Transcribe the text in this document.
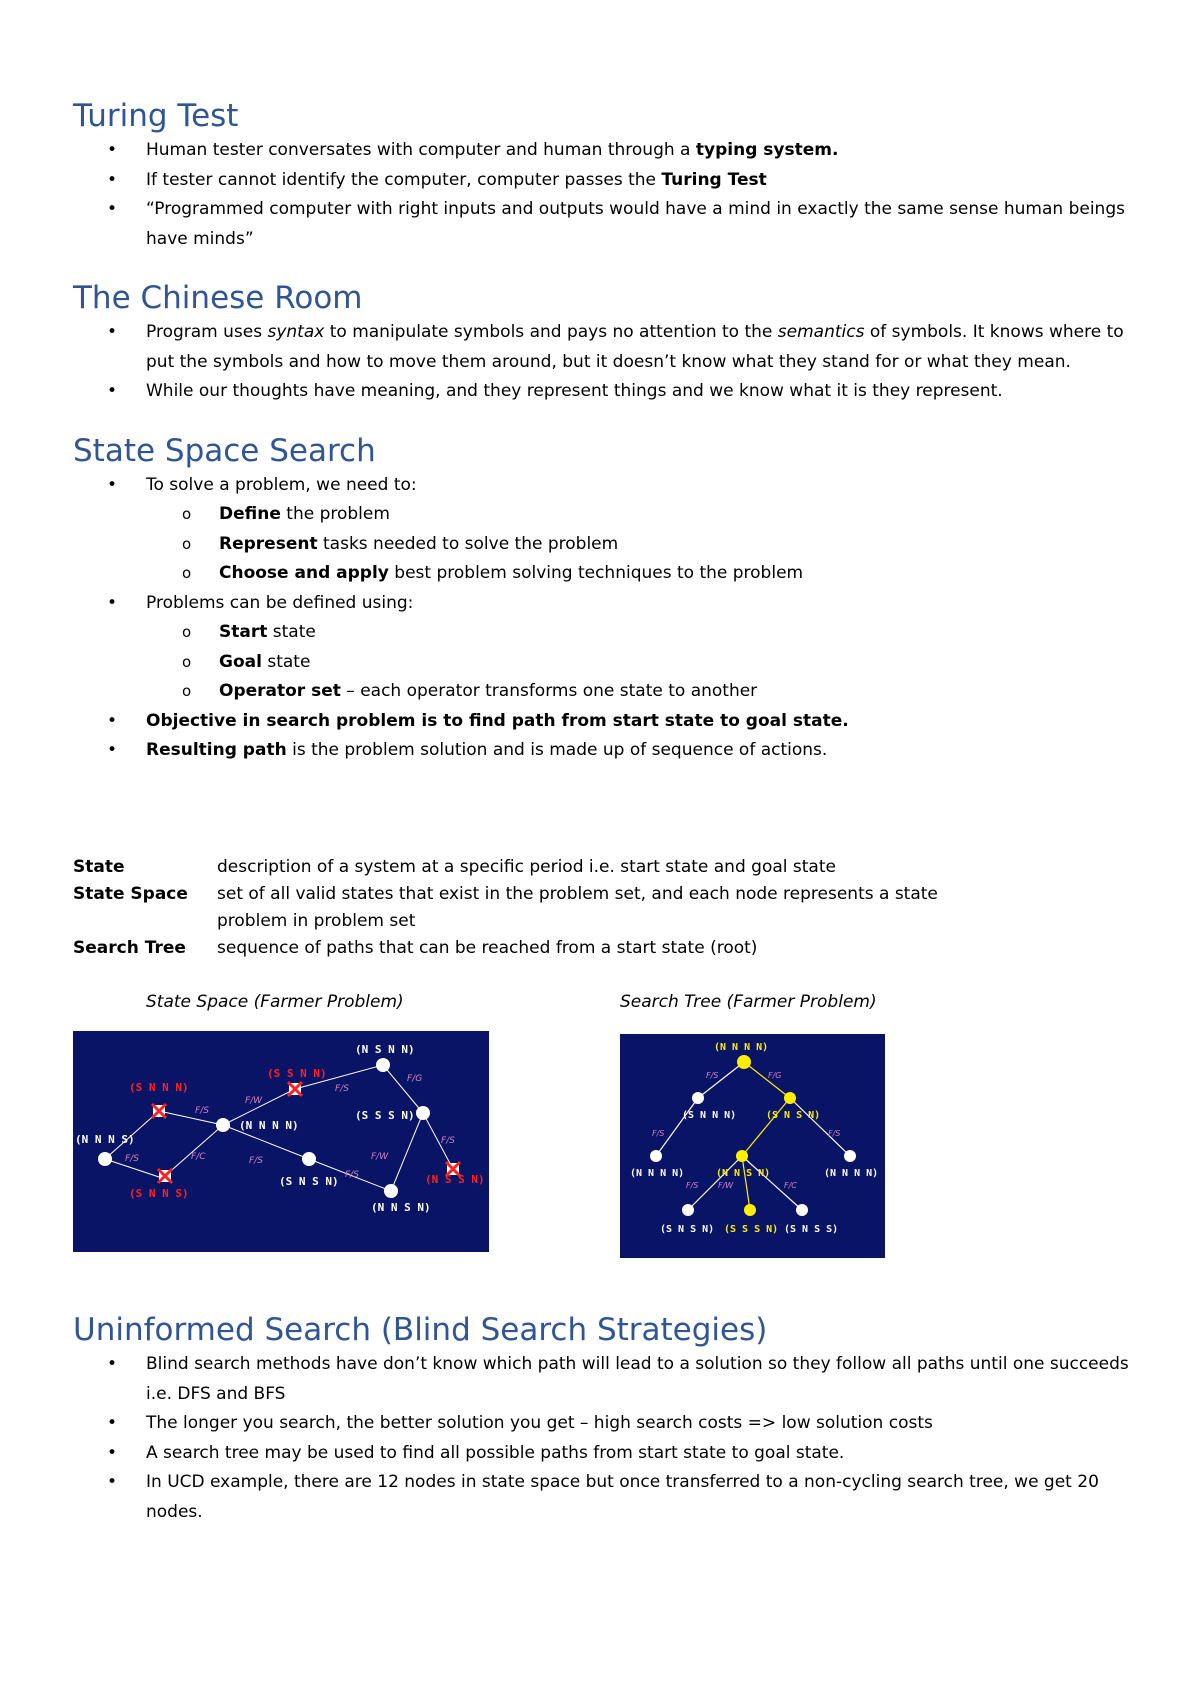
Turing Test
• Human tester conversates with computer and human through a typing system.
• If tester cannot identify the computer, computer passes the Turing Test
• “Programmed computer with right inputs and outputs would have a mind in exactly the same sense human beings have minds”
The Chinese Room
• Program uses syntax to manipulate symbols and pays no attention to the semantics of symbols. It knows where to put the symbols and how to move them around, but it doesn’t know what they stand for or what they mean.
• While our thoughts have meaning, and they represent things and we know what it is they represent.
State Space Search
• To solve a problem, we need to:
o Define the problem
o Represent tasks needed to solve the problem
o Choose and apply best problem solving techniques to the problem
• Problems can be defined using:
o Start state
o Goal state
o Operator set – each operator transforms one state to another
• Objective in search problem is to find path from start state to goal state.
• Resulting path is the problem solution and is made up of sequence of actions.
State	description of a system at a specific period i.e. start state and goal state
State Space	set of all valid states that exist in the problem set, and each node represents a state problem in problem set
Search Tree	sequence of paths that can be reached from a start state (root)
State Space (Farmer Problem)	Search Tree (Farmer Problem)
(N S N N)
(S S N N)
(S N N N)
(N N N N)
(S S S N)
(N N N S)
(S N N S)
(S N S N)	(N S S N)
(N N S N)
F/S
F/C
F/S
F/W
F/S
F/G
F/S	F/W
F/S
F/S
(N N N N)
(S N N N)	(S N S N)
(N N N N)	(N N S N)	(N N N N)
(S N S N) (S S S N) (S N S S)
F/S	F/G
F/S	F/S
F/S F/W	F/C
Uninformed Search (Blind Search Strategies)
• Blind search methods have don’t know which path will lead to a solution so they follow all paths until one succeeds i.e. DFS and BFS
• The longer you search, the better solution you get – high search costs => low solution costs
• A search tree may be used to find all possible paths from start state to goal state.
• In UCD example, there are 12 nodes in state space but once transferred to a non-cycling search tree, we get 20 nodes.
